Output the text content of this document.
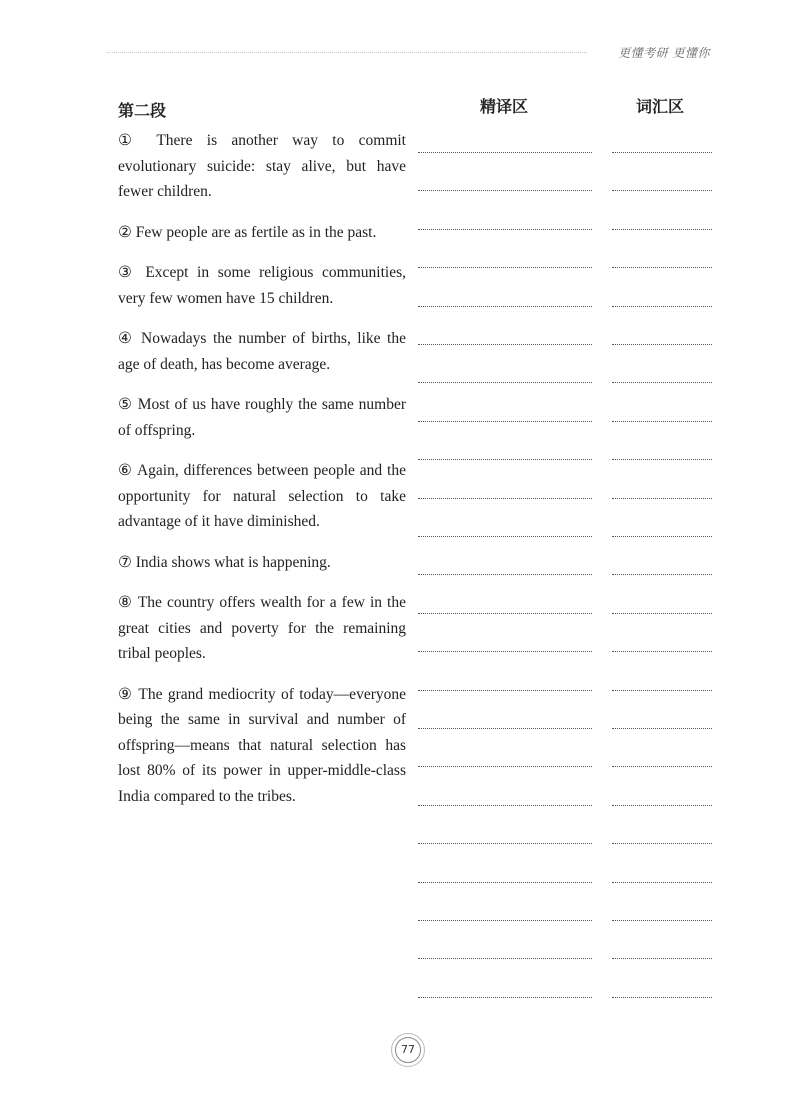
更懂考研 更懂你
第二段	精译区	词汇区

① There is another way to commit evolutionary suicide: stay alive, but have fewer children.

② Few people are as fertile as in the past.

③ Except in some religious communities, very few women have 15 children.

④ Nowadays the number of births, like the age of death, has become average.

⑤ Most of us have roughly the same number of offspring.

⑥ Again, differences between people and the opportunity for natural selection to take advantage of it have diminished.

⑦ India shows what is happening.

⑧ The country offers wealth for a few in the great cities and poverty for the remaining tribal peoples.

⑨ The grand mediocrity of today—everyone being the same in survival and number of offspring—means that natural selection has lost 80% of its power in upper-middle-class India compared to the tribes.

77
